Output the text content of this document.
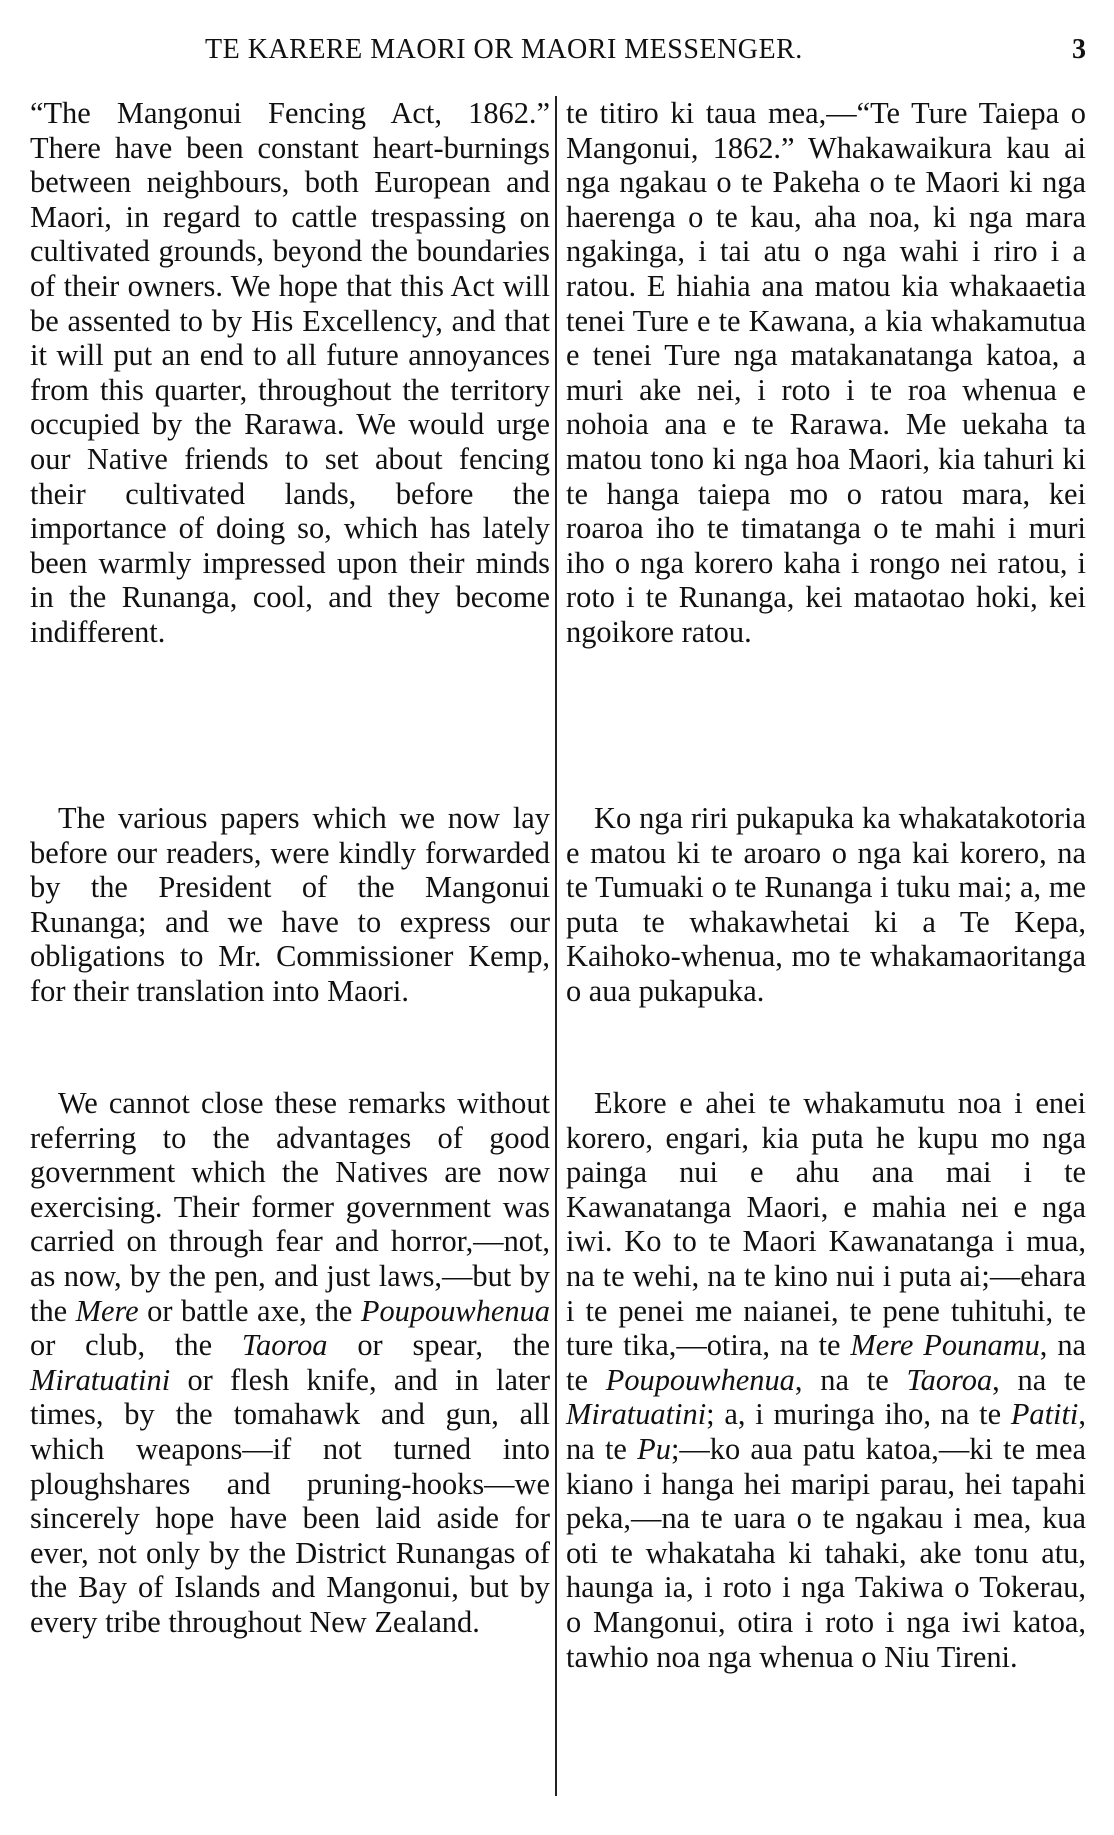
TE KARERE MAORI OR MAORI MESSENGER.	3

“The Mangonui Fencing Act, 1862.” There have been constant heart-burnings between neighbours, both European and Maori, in regard to cattle trespassing on cultivated grounds, beyond the boundaries of their owners. We hope that this Act will be assented to by His Excellency, and that it will put an end to all future annoyances from this quarter, throughout the territory occupied by the Rarawa. We would urge our Native friends to set about fencing their cultivated lands, before the importance of doing so, which has lately been warmly impressed upon their minds in the Runanga, cool, and they become indifferent.

The various papers which we now lay before our readers, were kindly forwarded by the President of the Mangonui Runanga; and we have to express our obligations to Mr. Commissioner Kemp, for their translation into Maori.

We cannot close these remarks without referring to the advantages of good government which the Natives are now exercising. Their former government was carried on through fear and horror,—not, as now, by the pen, and just laws,—but by the Mere or battle axe, the Poupouwhenua or club, the Taoroa or spear, the Miratuatini or flesh knife, and in later times, by the tomahawk and gun, all which weapons—if not turned into ploughshares and pruning-hooks—we sincerely hope have been laid aside for ever, not only by the District Runangas of the Bay of Islands and Mangonui, but by every tribe throughout New Zealand.

te titiro ki taua mea,—“Te Ture Taiepa o Mangonui, 1862.” Whakawaikura kau ai nga ngakau o te Pakeha o te Maori ki nga haerenga o te kau, aha noa, ki nga mara ngakinga, i tai atu o nga wahi i riro i a ratou. E hiahia ana matou kia whakaaetia tenei Ture e te Kawana, a kia whakamutua e tenei Ture nga matakanatanga katoa, a muri ake nei, i roto i te roa whenua e nohoia ana e te Rarawa. Me uekaha ta matou tono ki nga hoa Maori, kia tahuri ki te hanga taiepa mo o ratou mara, kei roaroa iho te timatanga o te mahi i muri iho o nga korero kaha i rongo nei ratou, i roto i te Runanga, kei mataotao hoki, kei ngoikore ratou.

Ko nga riri pukapuka ka whakatakotoria e matou ki te aroaro o nga kai korero, na te Tumuaki o te Runanga i tuku mai; a, me puta te whakawhetai ki a Te Kepa, Kaihoko-whenua, mo te whakamaoritanga o aua pukapuka.

Ekore e ahei te whakamutu noa i enei korero, engari, kia puta he kupu mo nga painga nui e ahu ana mai i te Kawanatanga Maori, e mahia nei e nga iwi. Ko to te Maori Kawanatanga i mua, na te wehi, na te kino nui i puta ai;—ehara i te penei me naianei, te pene tuhituhi, te ture tika,—otira, na te Mere Pounamu, na te Poupouwhenua, na te Taoroa, na te Miratuatini; a, i muringa iho, na te Patiti, na te Pu;—ko aua patu katoa,—ki te mea kiano i hanga hei maripi parau, hei tapahi peka,—na te uara o te ngakau i mea, kua oti te whakataha ki tahaki, ake tonu atu, haunga ia, i roto i nga Takiwa o Tokerau, o Mangonui, otira i roto i nga iwi katoa, tawhio noa nga whenua o Niu Tireni.
